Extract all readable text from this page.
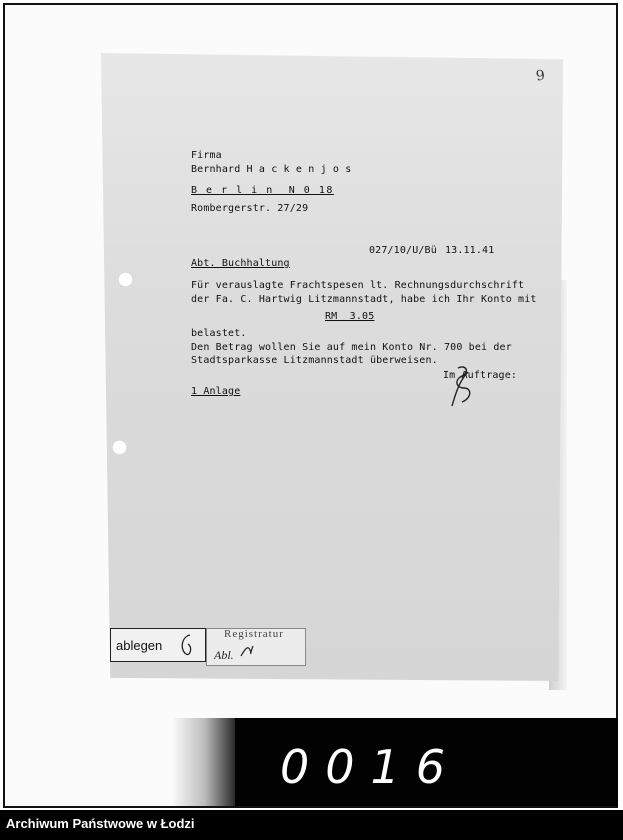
9
Firma
Bernhard H a c k e n j o s
B e r l i n  N 0 18
Rombergerstr. 27/29
027/10/U/Bü 13.11.41
Abt. Buchhaltung
Für verauslagte Frachtspesen lt. Rechnungsdurchschrift
der Fa. C. Hartwig Litzmannstadt, habe ich Ihr Konto mit
RM  3.05
belastet.
Den Betrag wollen Sie auf mein Konto Nr. 700 bei der
Stadtsparkasse Litzmannstadt überweisen.
Im Auftrage:
1 Anlage
ablegen
Registratur
Abl.
0016
Archiwum Państwowe w Łodzi
